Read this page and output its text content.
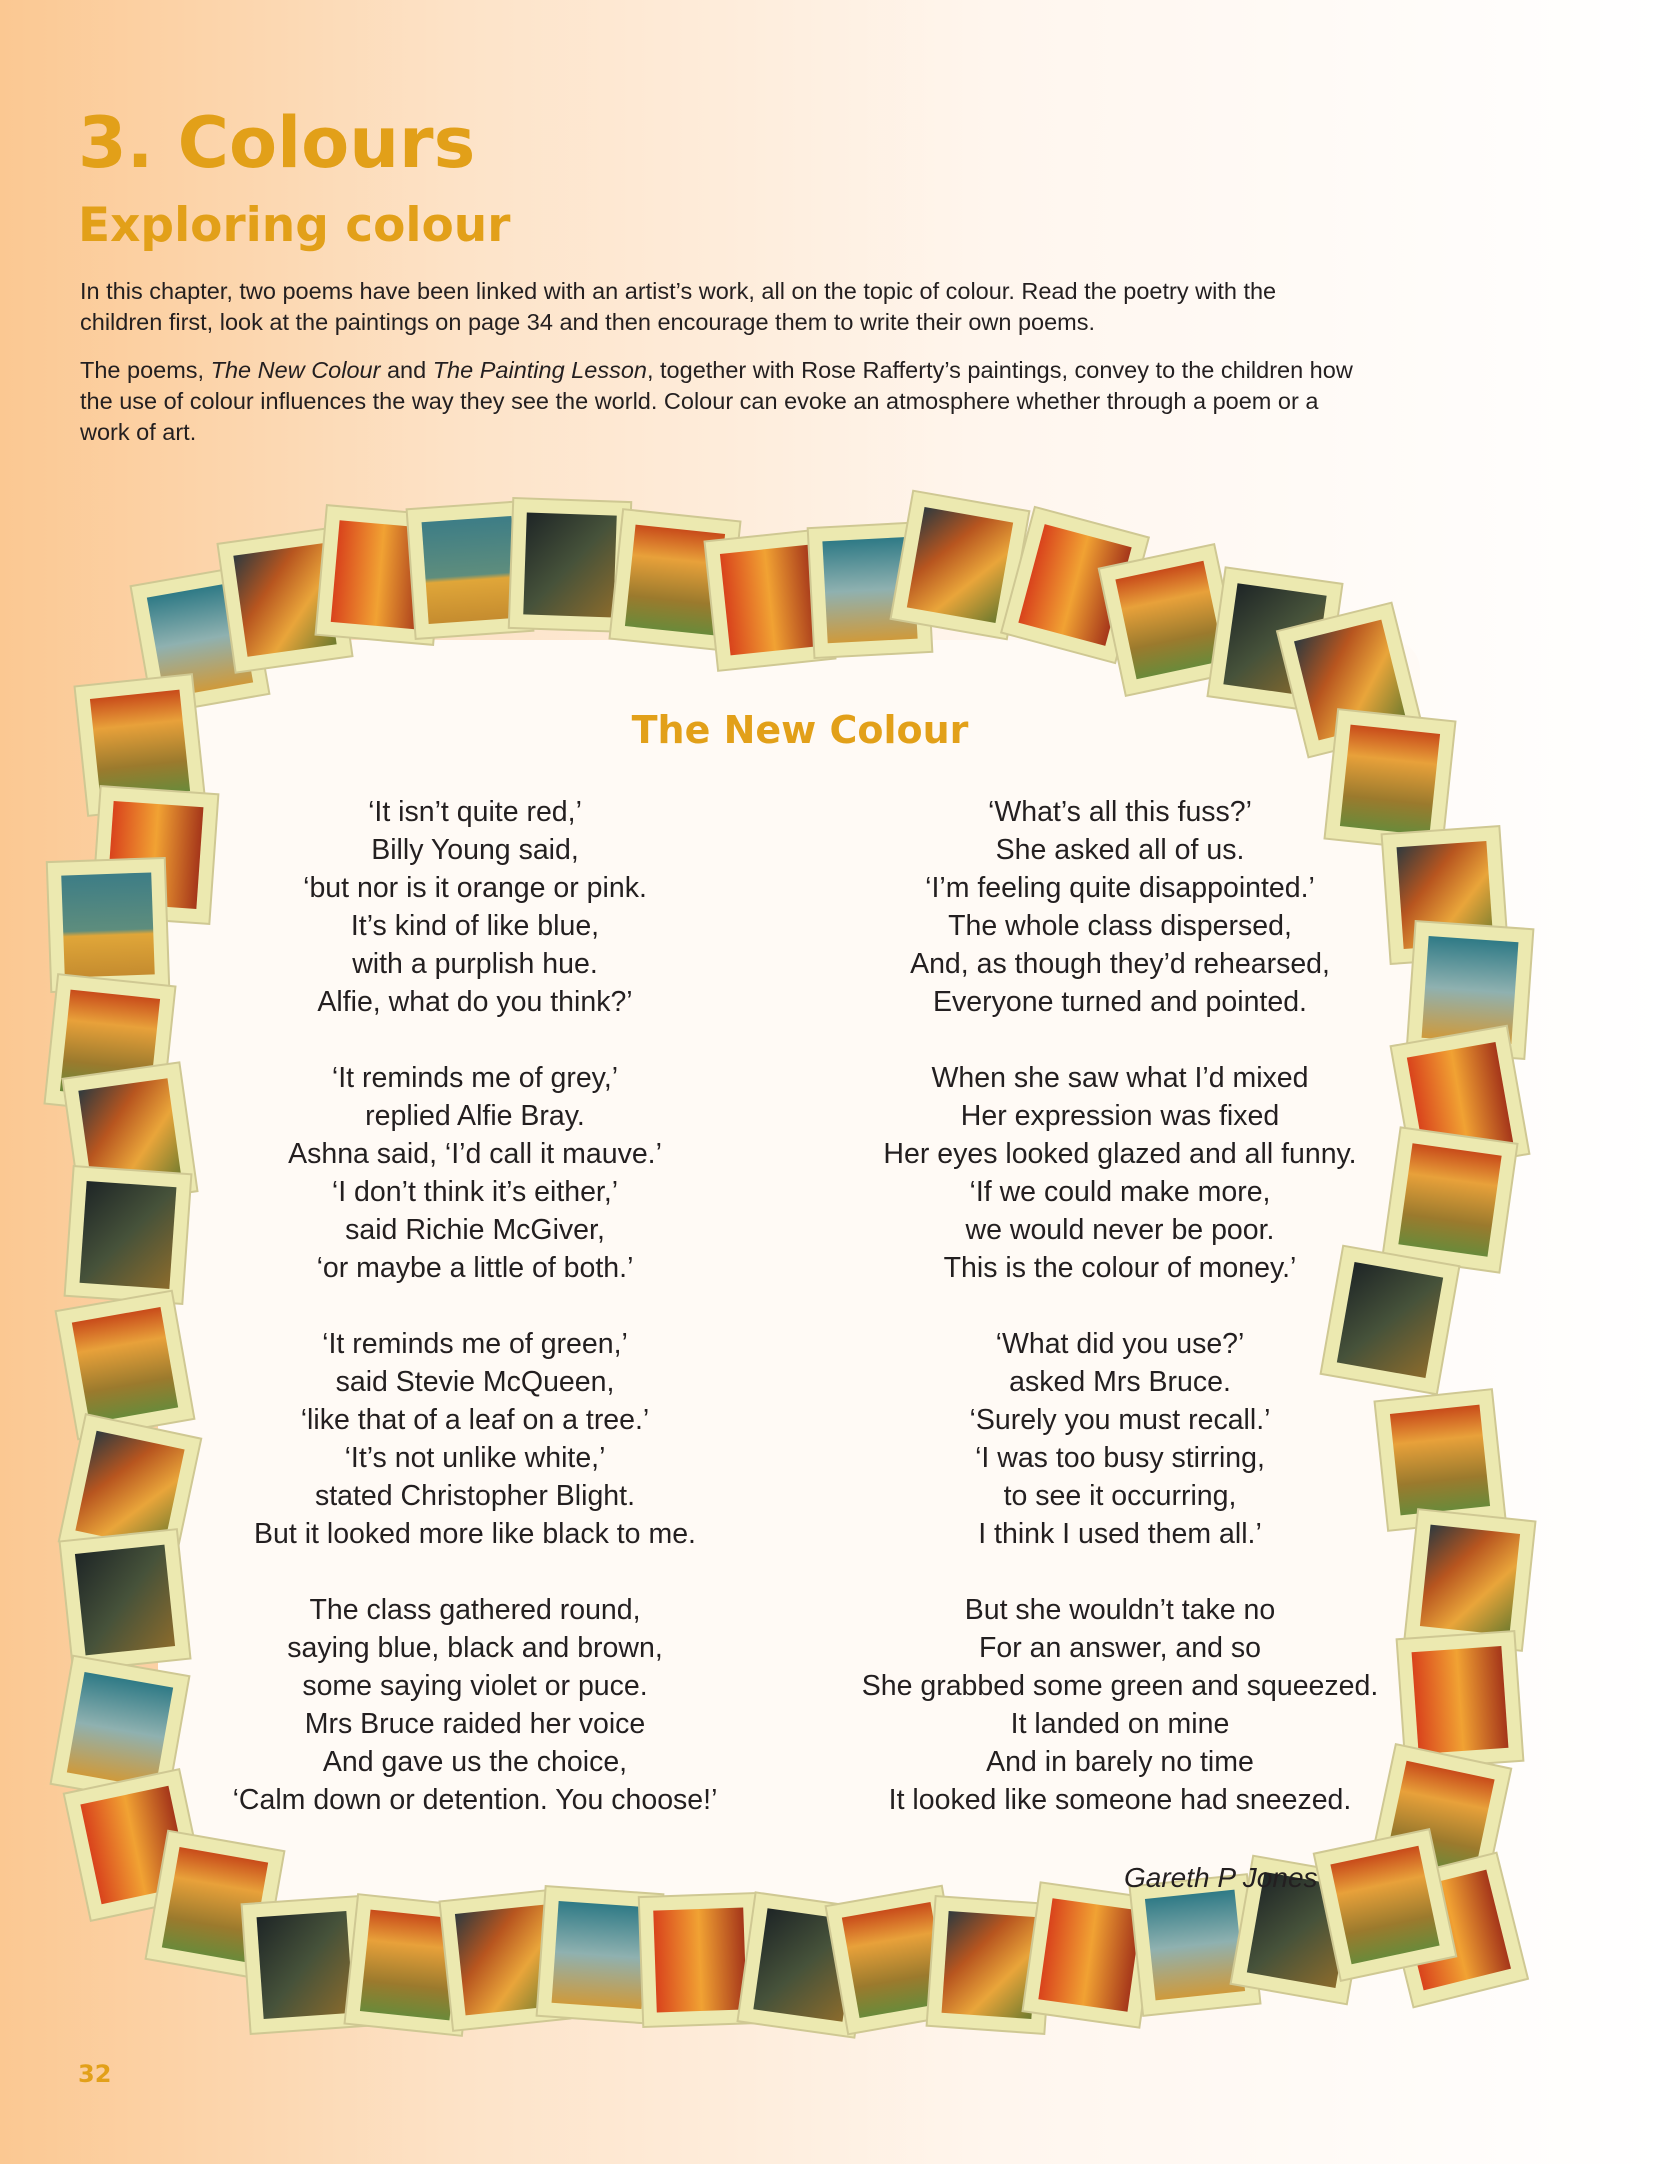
3. Colours
Exploring colour

In this chapter, two poems have been linked with an artist’s work, all on the topic of colour. Read the poetry with the children first, look at the paintings on page 34 and then encourage them to write their own poems.

The poems, The New Colour and The Painting Lesson, together with Rose Rafferty’s paintings, convey to the children how the use of colour influences the way they see the world. Colour can evoke an atmosphere whether through a poem or a work of art.

The New Colour
‘It isn’t quite red,’
Billy Young said,
‘but nor is it orange or pink.
It’s kind of like blue,
with a purplish hue.
Alfie, what do you think?’
‘It reminds me of grey,’
replied Alfie Bray.
Ashna said, ‘I’d call it mauve.’
‘I don’t think it’s either,’
said Richie McGiver,
‘or maybe a little of both.’
‘It reminds me of green,’
said Stevie McQueen,
‘like that of a leaf on a tree.’
‘It’s not unlike white,’
stated Christopher Blight.
But it looked more like black to me.
The class gathered round,
saying blue, black and brown,
some saying violet or puce.
Mrs Bruce raided her voice
And gave us the choice,
‘Calm down or detention. You choose!’
‘What’s all this fuss?’
She asked all of us.
‘I’m feeling quite disappointed.’
The whole class dispersed,
And, as though they’d rehearsed,
Everyone turned and pointed.
When she saw what I’d mixed
Her expression was fixed
Her eyes looked glazed and all funny.
‘If we could make more,
we would never be poor.
This is the colour of money.’
‘What did you use?’
asked Mrs Bruce.
‘Surely you must recall.’
‘I was too busy stirring,
to see it occurring,
I think I used them all.’
But she wouldn’t take no
For an answer, and so
She grabbed some green and squeezed.
It landed on mine
And in barely no time
It looked like someone had sneezed.
Gareth P Jones
32
